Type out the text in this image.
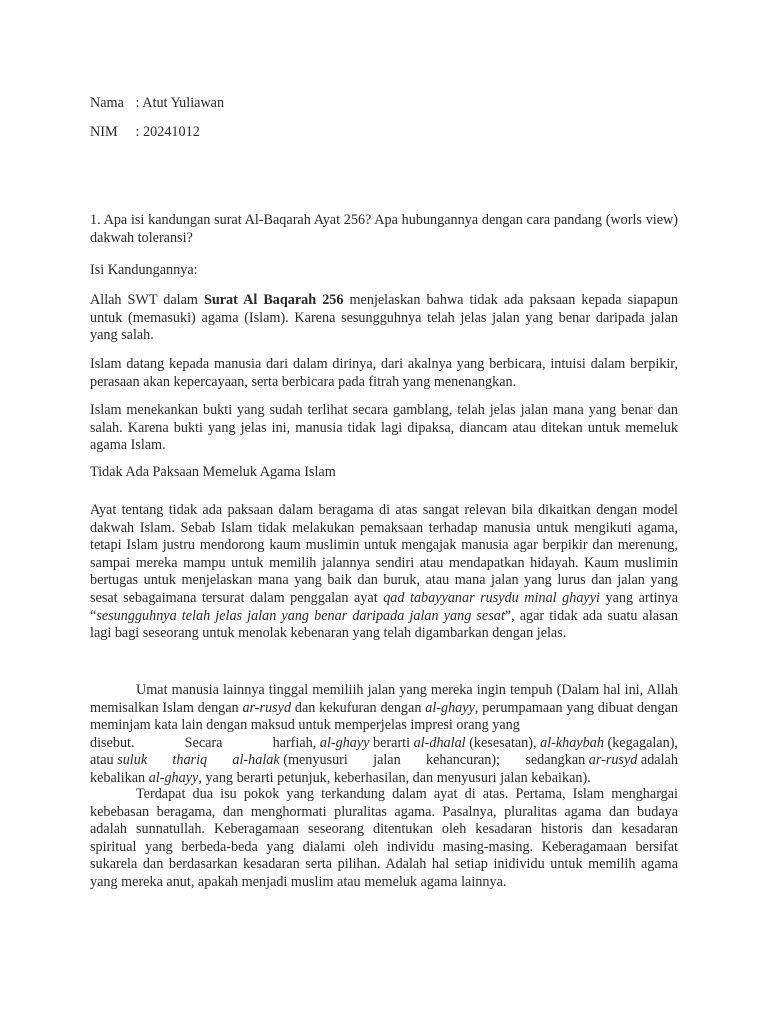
Nama : Atut Yuliawan
NIM : 20241012

1. Apa isi kandungan surat Al-Baqarah Ayat 256? Apa hubungannya dengan cara pandang (worls view) dakwah toleransi?

Isi Kandungannya:

Allah SWT dalam Surat Al Baqarah 256 menjelaskan bahwa tidak ada paksaan kepada siapapun untuk (memasuki) agama (Islam). Karena sesungguhnya telah jelas jalan yang benar daripada jalan yang salah.

Islam datang kepada manusia dari dalam dirinya, dari akalnya yang berbicara, intuisi dalam berpikir, perasaan akan kepercayaan, serta berbicara pada fitrah yang menenangkan.

Islam menekankan bukti yang sudah terlihat secara gamblang, telah jelas jalan mana yang benar dan salah. Karena bukti yang jelas ini, manusia tidak lagi dipaksa, diancam atau ditekan untuk memeluk agama Islam.

Tidak Ada Paksaan Memeluk Agama Islam

Ayat tentang tidak ada paksaan dalam beragama di atas sangat relevan bila dikaitkan dengan model dakwah Islam. Sebab Islam tidak melakukan pemaksaan terhadap manusia untuk mengikuti agama, tetapi Islam justru mendorong kaum muslimin untuk mengajak manusia agar berpikir dan merenung, sampai mereka mampu untuk memilih jalannya sendiri atau mendapatkan hidayah. Kaum muslimin bertugas untuk menjelaskan mana yang baik dan buruk, atau mana jalan yang lurus dan jalan yang sesat sebagaimana tersurat dalam penggalan ayat qad tabayyanar rusydu minal ghayyi yang artinya “sesungguhnya telah jelas jalan yang benar daripada jalan yang sesat”, agar tidak ada suatu alasan lagi bagi seseorang untuk menolak kebenaran yang telah digambarkan dengan jelas.

Umat manusia lainnya tinggal memiliih jalan yang mereka ingin tempuh (Dalam hal ini, Allah memisalkan Islam dengan ar-rusyd dan kekufuran dengan al-ghayy, perumpamaan yang dibuat dengan meminjam kata lain dengan maksud untuk memperjelas impresi orang yang

disebut.	Secara	harfiah, al-ghayy berarti al-dhalal (kesesatan), al-khaybah (kegagalan),
atau suluk thariq al-halak (menyusuri jalan kehancuran); sedangkan ar-rusyd adalah
kebalikan al-ghayy, yang berarti petunjuk, keberhasilan, dan menyusuri jalan kebaikan).

Terdapat dua isu pokok yang terkandung dalam ayat di atas. Pertama, Islam menghargai kebebasan beragama, dan menghormati pluralitas agama. Pasalnya, pluralitas agama dan budaya adalah sunnatullah. Keberagamaan seseorang ditentukan oleh kesadaran historis dan kesadaran spiritual yang berbeda-beda yang dialami oleh individu masing-masing. Keberagamaan bersifat sukarela dan berdasarkan kesadaran serta pilihan. Adalah hal setiap inidividu untuk memilih agama yang mereka anut, apakah menjadi muslim atau memeluk agama lainnya.
